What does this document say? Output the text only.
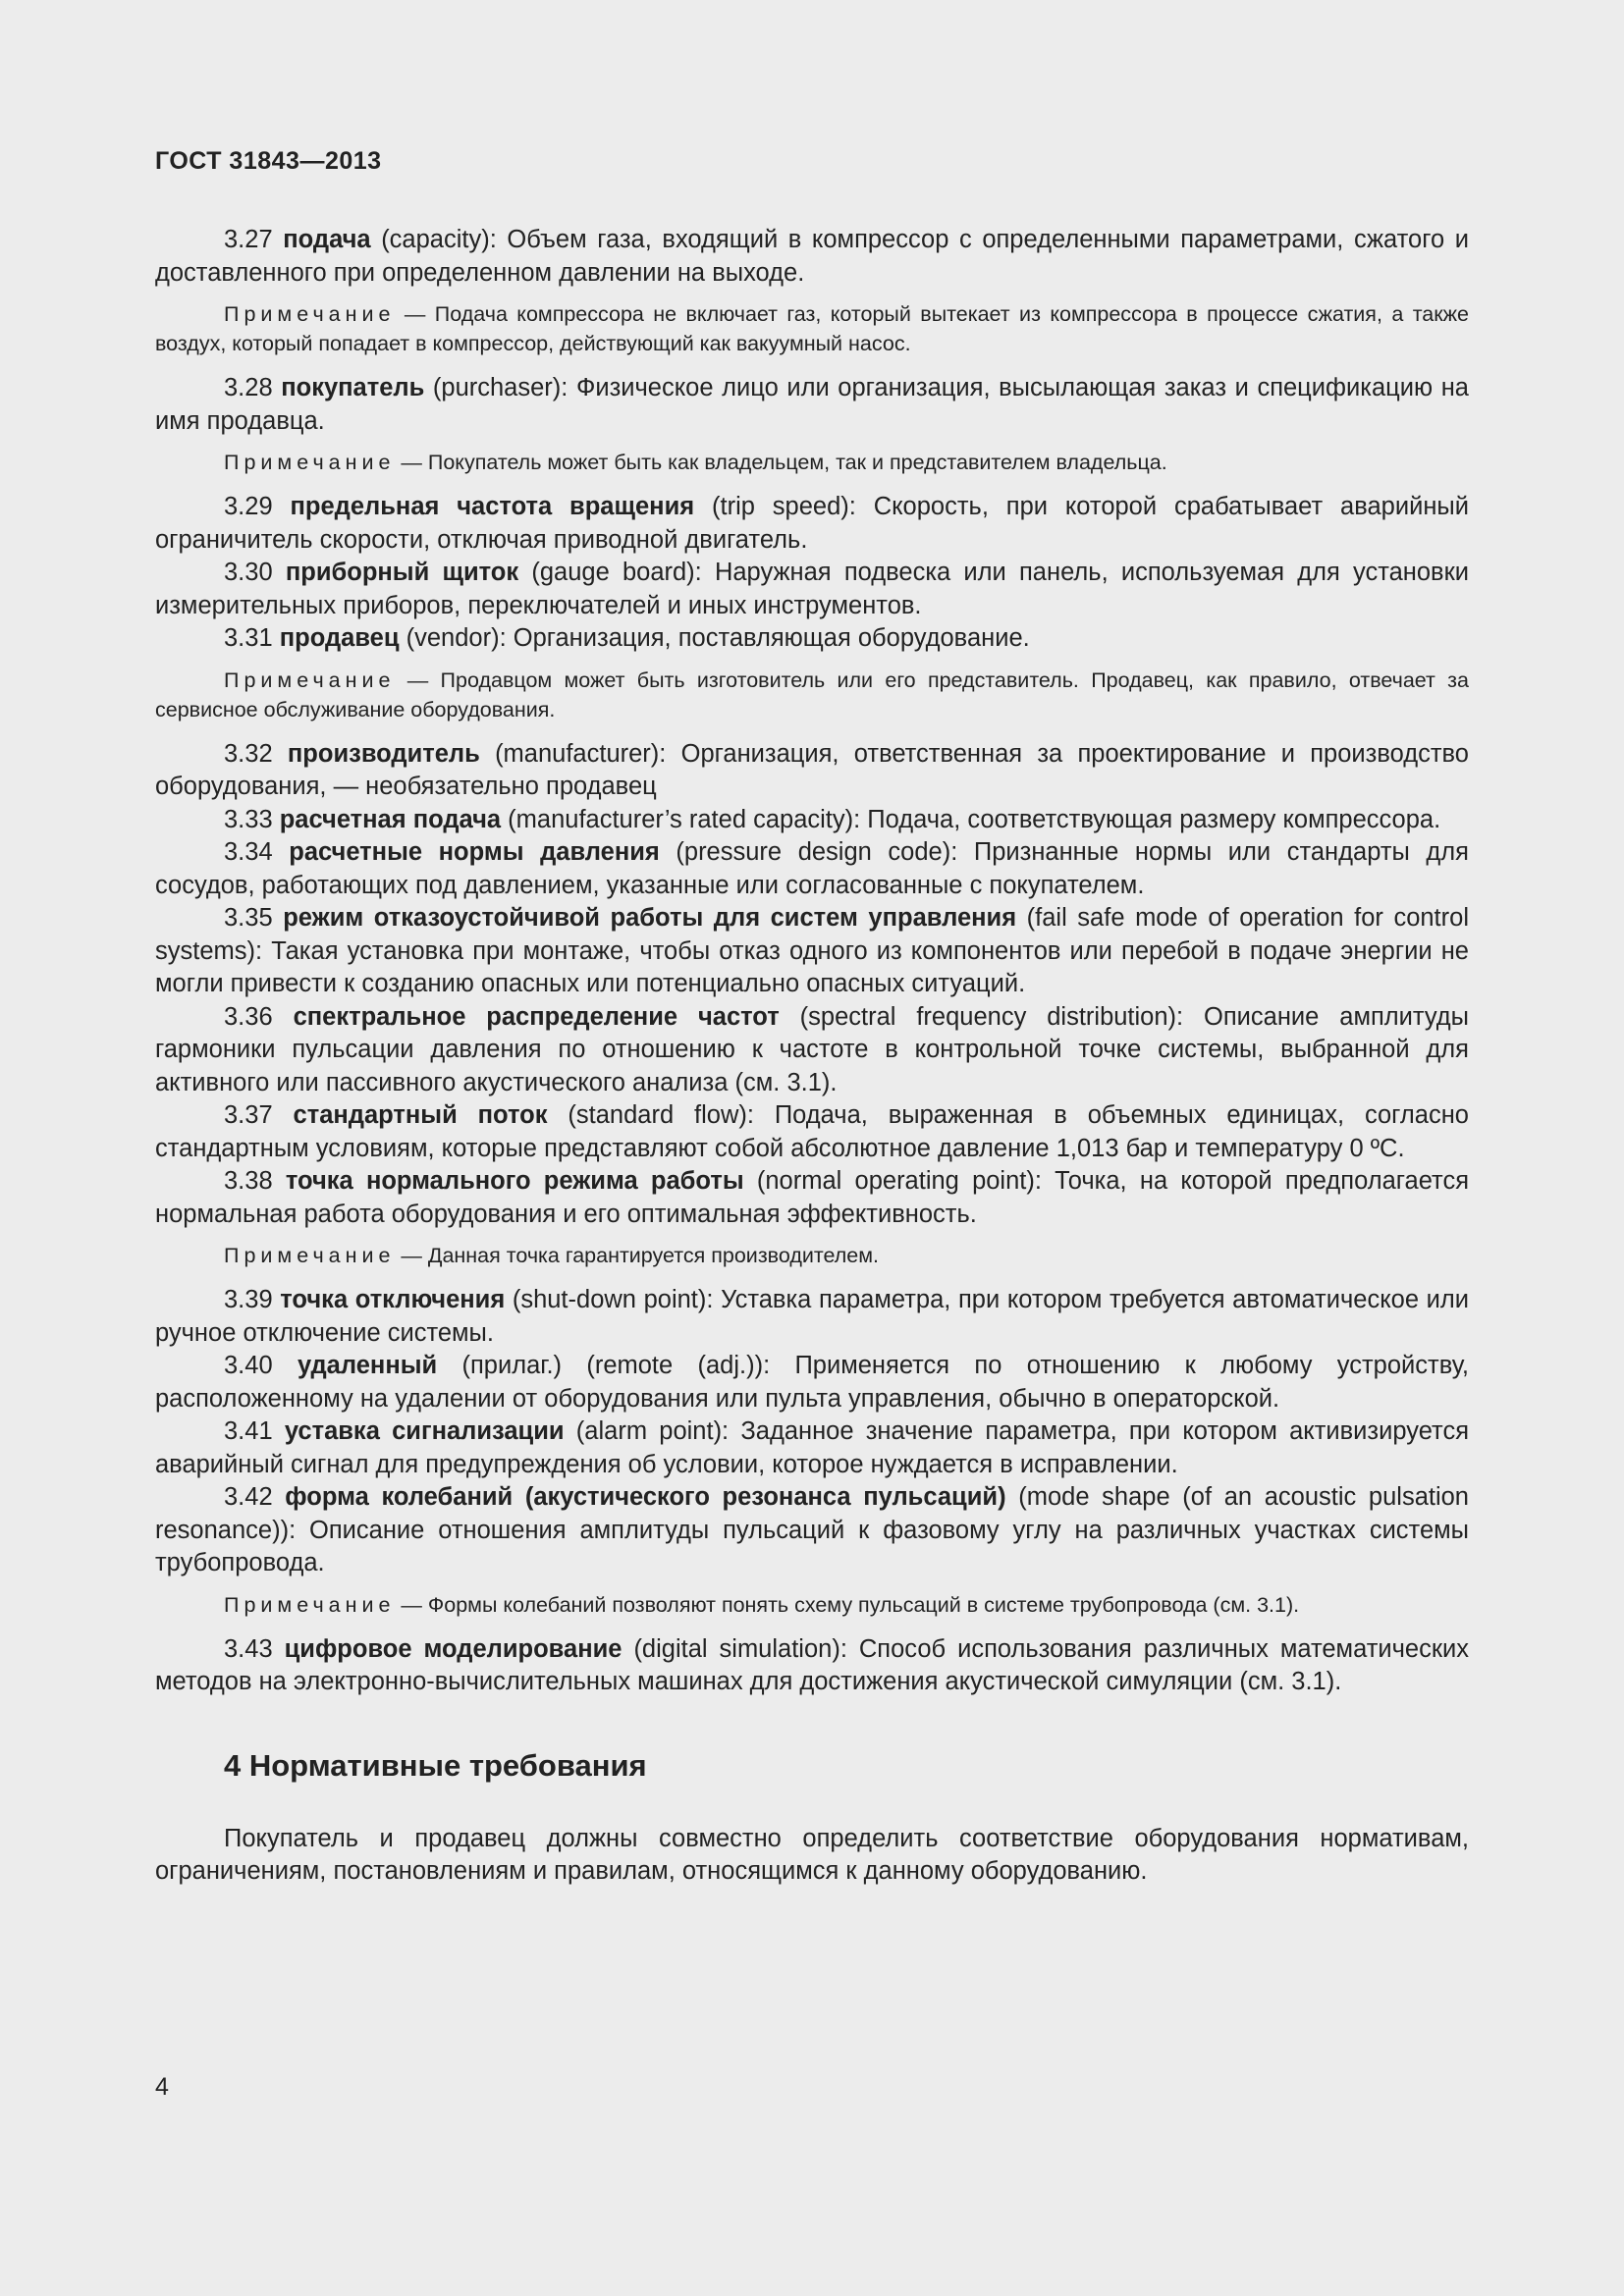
ГОСТ 31843—2013

3.27 подача (capacity): Объем газа, входящий в компрессор с определенными параметрами, сжатого и доставленного при определенном давлении на выходе.

Примечание — Подача компрессора не включает газ, который вытекает из компрессора в процессе сжатия, а также воздух, который попадает в компрессор, действующий как вакуумный насос.

3.28 покупатель (purchaser): Физическое лицо или организация, высылающая заказ и спецификацию на имя продавца.

Примечание — Покупатель может быть как владельцем, так и представителем владельца.

3.29 предельная частота вращения (trip speed): Скорость, при которой срабатывает аварийный ограничитель скорости, отключая приводной двигатель.

3.30 приборный щиток (gauge board): Наружная подвеска или панель, используемая для установки измерительных приборов, переключателей и иных инструментов.

3.31 продавец (vendor): Организация, поставляющая оборудование.

Примечание — Продавцом может быть изготовитель или его представитель. Продавец, как правило, отвечает за сервисное обслуживание оборудования.

3.32 производитель (manufacturer): Организация, ответственная за проектирование и производство оборудования, — необязательно продавец

3.33 расчетная подача (manufacturer’s rated capacity): Подача, соответствующая размеру компрессора.

3.34 расчетные нормы давления (pressure design code): Признанные нормы или стандарты для сосудов, работающих под давлением, указанные или согласованные с покупателем.

3.35 режим отказоустойчивой работы для систем управления (fail safe mode of operation for control systems): Такая установка при монтаже, чтобы отказ одного из компонентов или перебой в подаче энергии не могли привести к созданию опасных или потенциально опасных ситуаций.

3.36 спектральное распределение частот (spectral frequency distribution): Описание амплитуды гармоники пульсации давления по отношению к частоте в контрольной точке системы, выбранной для активного или пассивного акустического анализа (см. 3.1).

3.37 стандартный поток (standard flow): Подача, выраженная в объемных единицах, согласно стандартным условиям, которые представляют собой абсолютное давление 1,013 бар и температуру 0 ºС.

3.38 точка нормального режима работы (normal operating point): Точка, на которой предполагается нормальная работа оборудования и его оптимальная эффективность.

Примечание — Данная точка гарантируется производителем.

3.39 точка отключения (shut-down point): Уставка параметра, при котором требуется автоматическое или ручное отключение системы.

3.40 удаленный (прилаг.) (remote (adj.)): Применяется по отношению к любому устройству, расположенному на удалении от оборудования или пульта управления, обычно в операторской.

3.41 уставка сигнализации (alarm point): Заданное значение параметра, при котором активизируется аварийный сигнал для предупреждения об условии, которое нуждается в исправлении.

3.42 форма колебаний (акустического резонанса пульсаций) (mode shape (of an acoustic pulsation resonance)): Описание отношения амплитуды пульсаций к фазовому углу на различных участках системы трубопровода.

Примечание — Формы колебаний позволяют понять схему пульсаций в системе трубопровода (см. 3.1).

3.43 цифровое моделирование (digital simulation): Способ использования различных математических методов на электронно-вычислительных машинах для достижения акустической симуляции (см. 3.1).

4 Нормативные требования

Покупатель и продавец должны совместно определить соответствие оборудования нормативам, ограничениям, постановлениям и правилам, относящимся к данному оборудованию.

4
